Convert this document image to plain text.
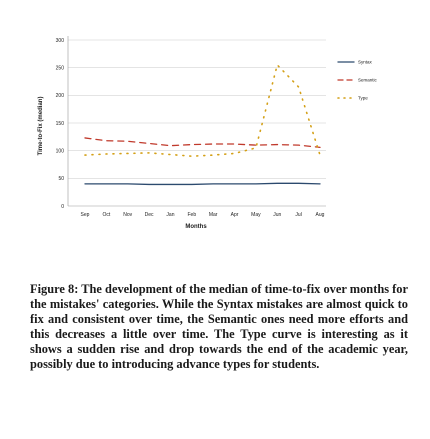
0
50
100
150
200
250
300
Sep	Oct	Nov Dec	Jan	Feb	Mar	Apr	May	Jun	Jul	Aug
Syntax
Semantic
Type
Time-to-Fix (median)
Months
Figure 8: The development of the median of time-to-fix over months for the mistakes' categories. While the Syntax mistakes are almost quick to fix and consistent over time, the Semantic ones need more efforts and this decreases a little over time. The Type curve is interesting as it shows a sudden rise and drop towards the end of the academic year, possibly due to introducing advance types for students.
